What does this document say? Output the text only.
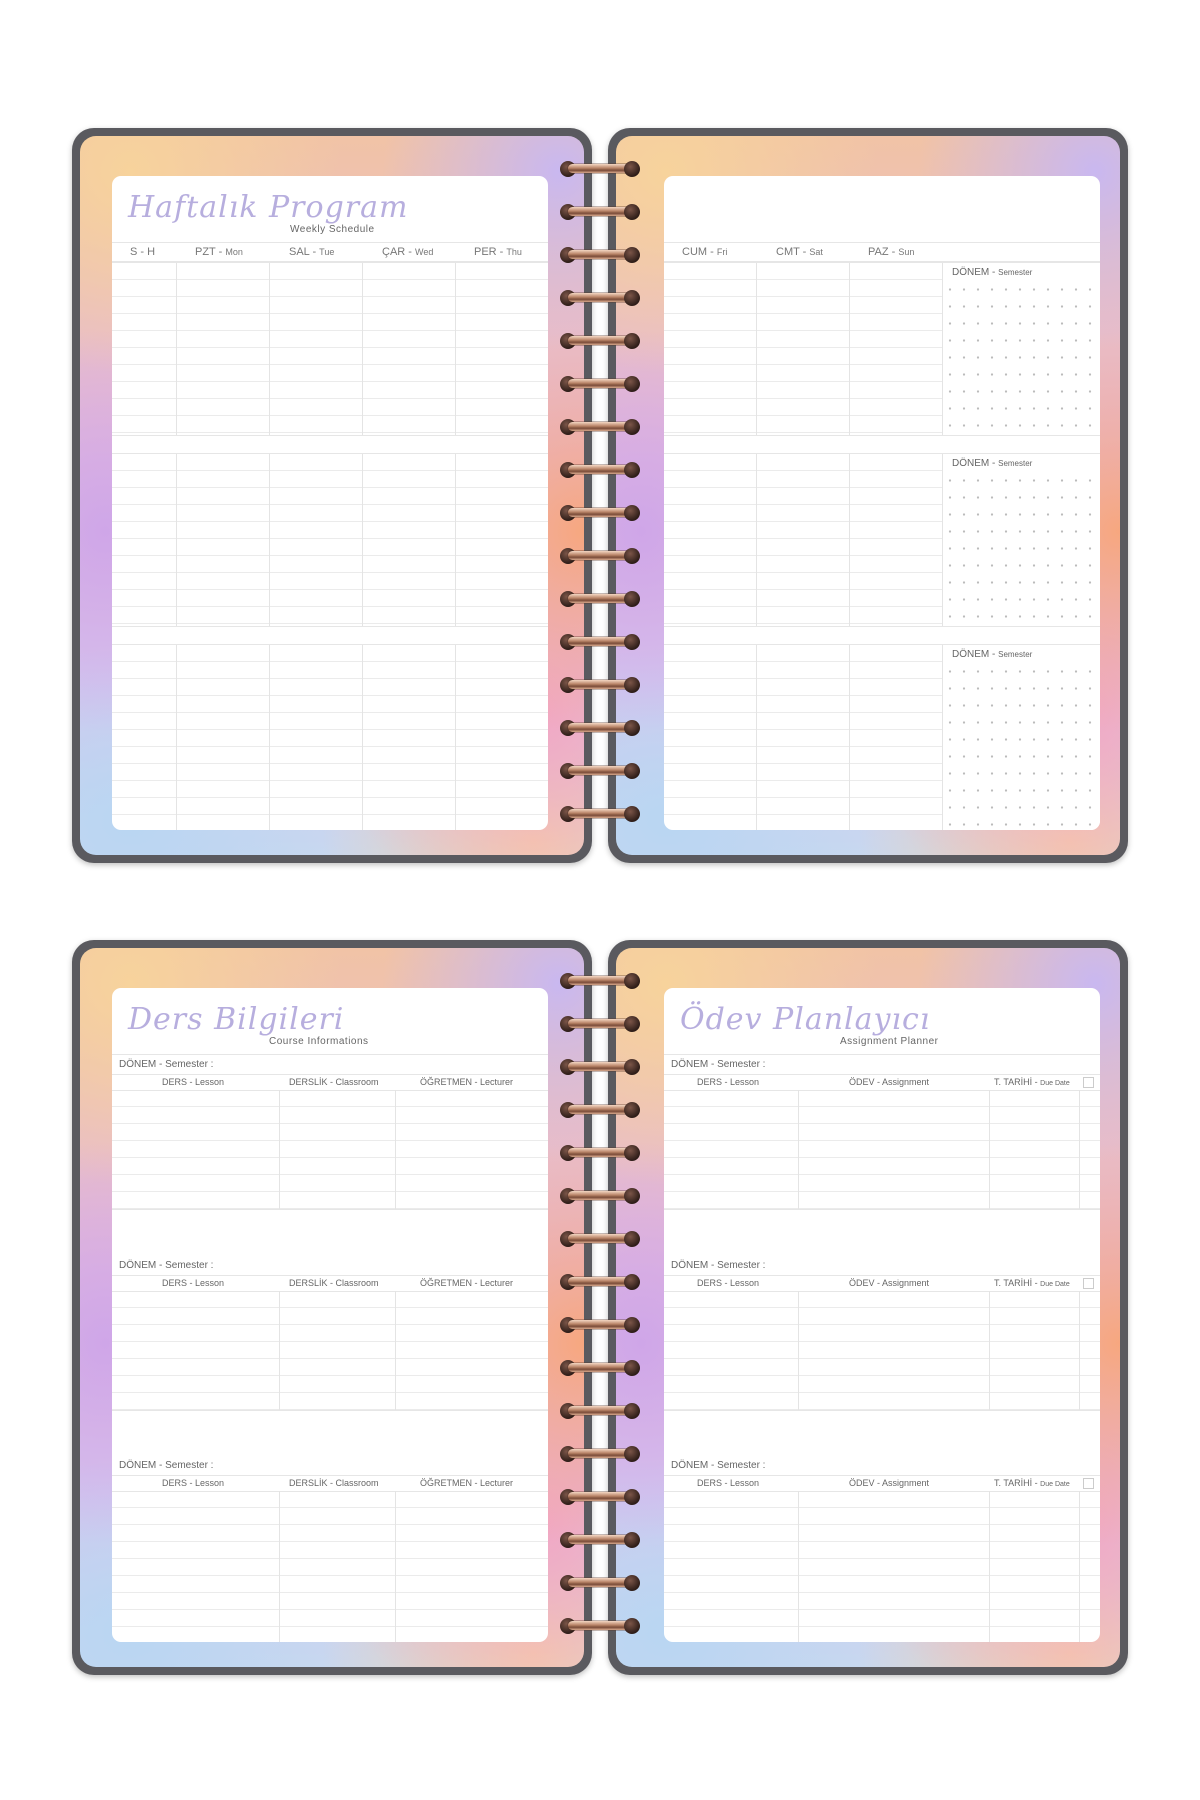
Haftalık Program
Weekly Schedule
S - H	PZT - Mon	SAL - Tue	ÇAR - Wed	PER - Thu	CUM - Fri	CMT - Sat	PAZ - Sun
DÖNEM - Semester
DÖNEM - Semester
DÖNEM - Semester
Ders Bilgileri
Course Informations
DÖNEM - Semester :
DERS - Lesson	DERSLİK - Classroom	ÖĞRETMEN - Lecturer
DÖNEM - Semester :
DERS - Lesson	DERSLİK - Classroom	ÖĞRETMEN - Lecturer
DÖNEM - Semester :
DERS - Lesson	DERSLİK - Classroom	ÖĞRETMEN - Lecturer
Ödev Planlayıcı
Assignment Planner
DÖNEM - Semester :
DERS - Lesson	ÖDEV - Assignment	T. TARİHİ - Due Date
DÖNEM - Semester :
DERS - Lesson	ÖDEV - Assignment	T. TARİHİ - Due Date
DÖNEM - Semester :
DERS - Lesson	ÖDEV - Assignment	T. TARİHİ - Due Date
